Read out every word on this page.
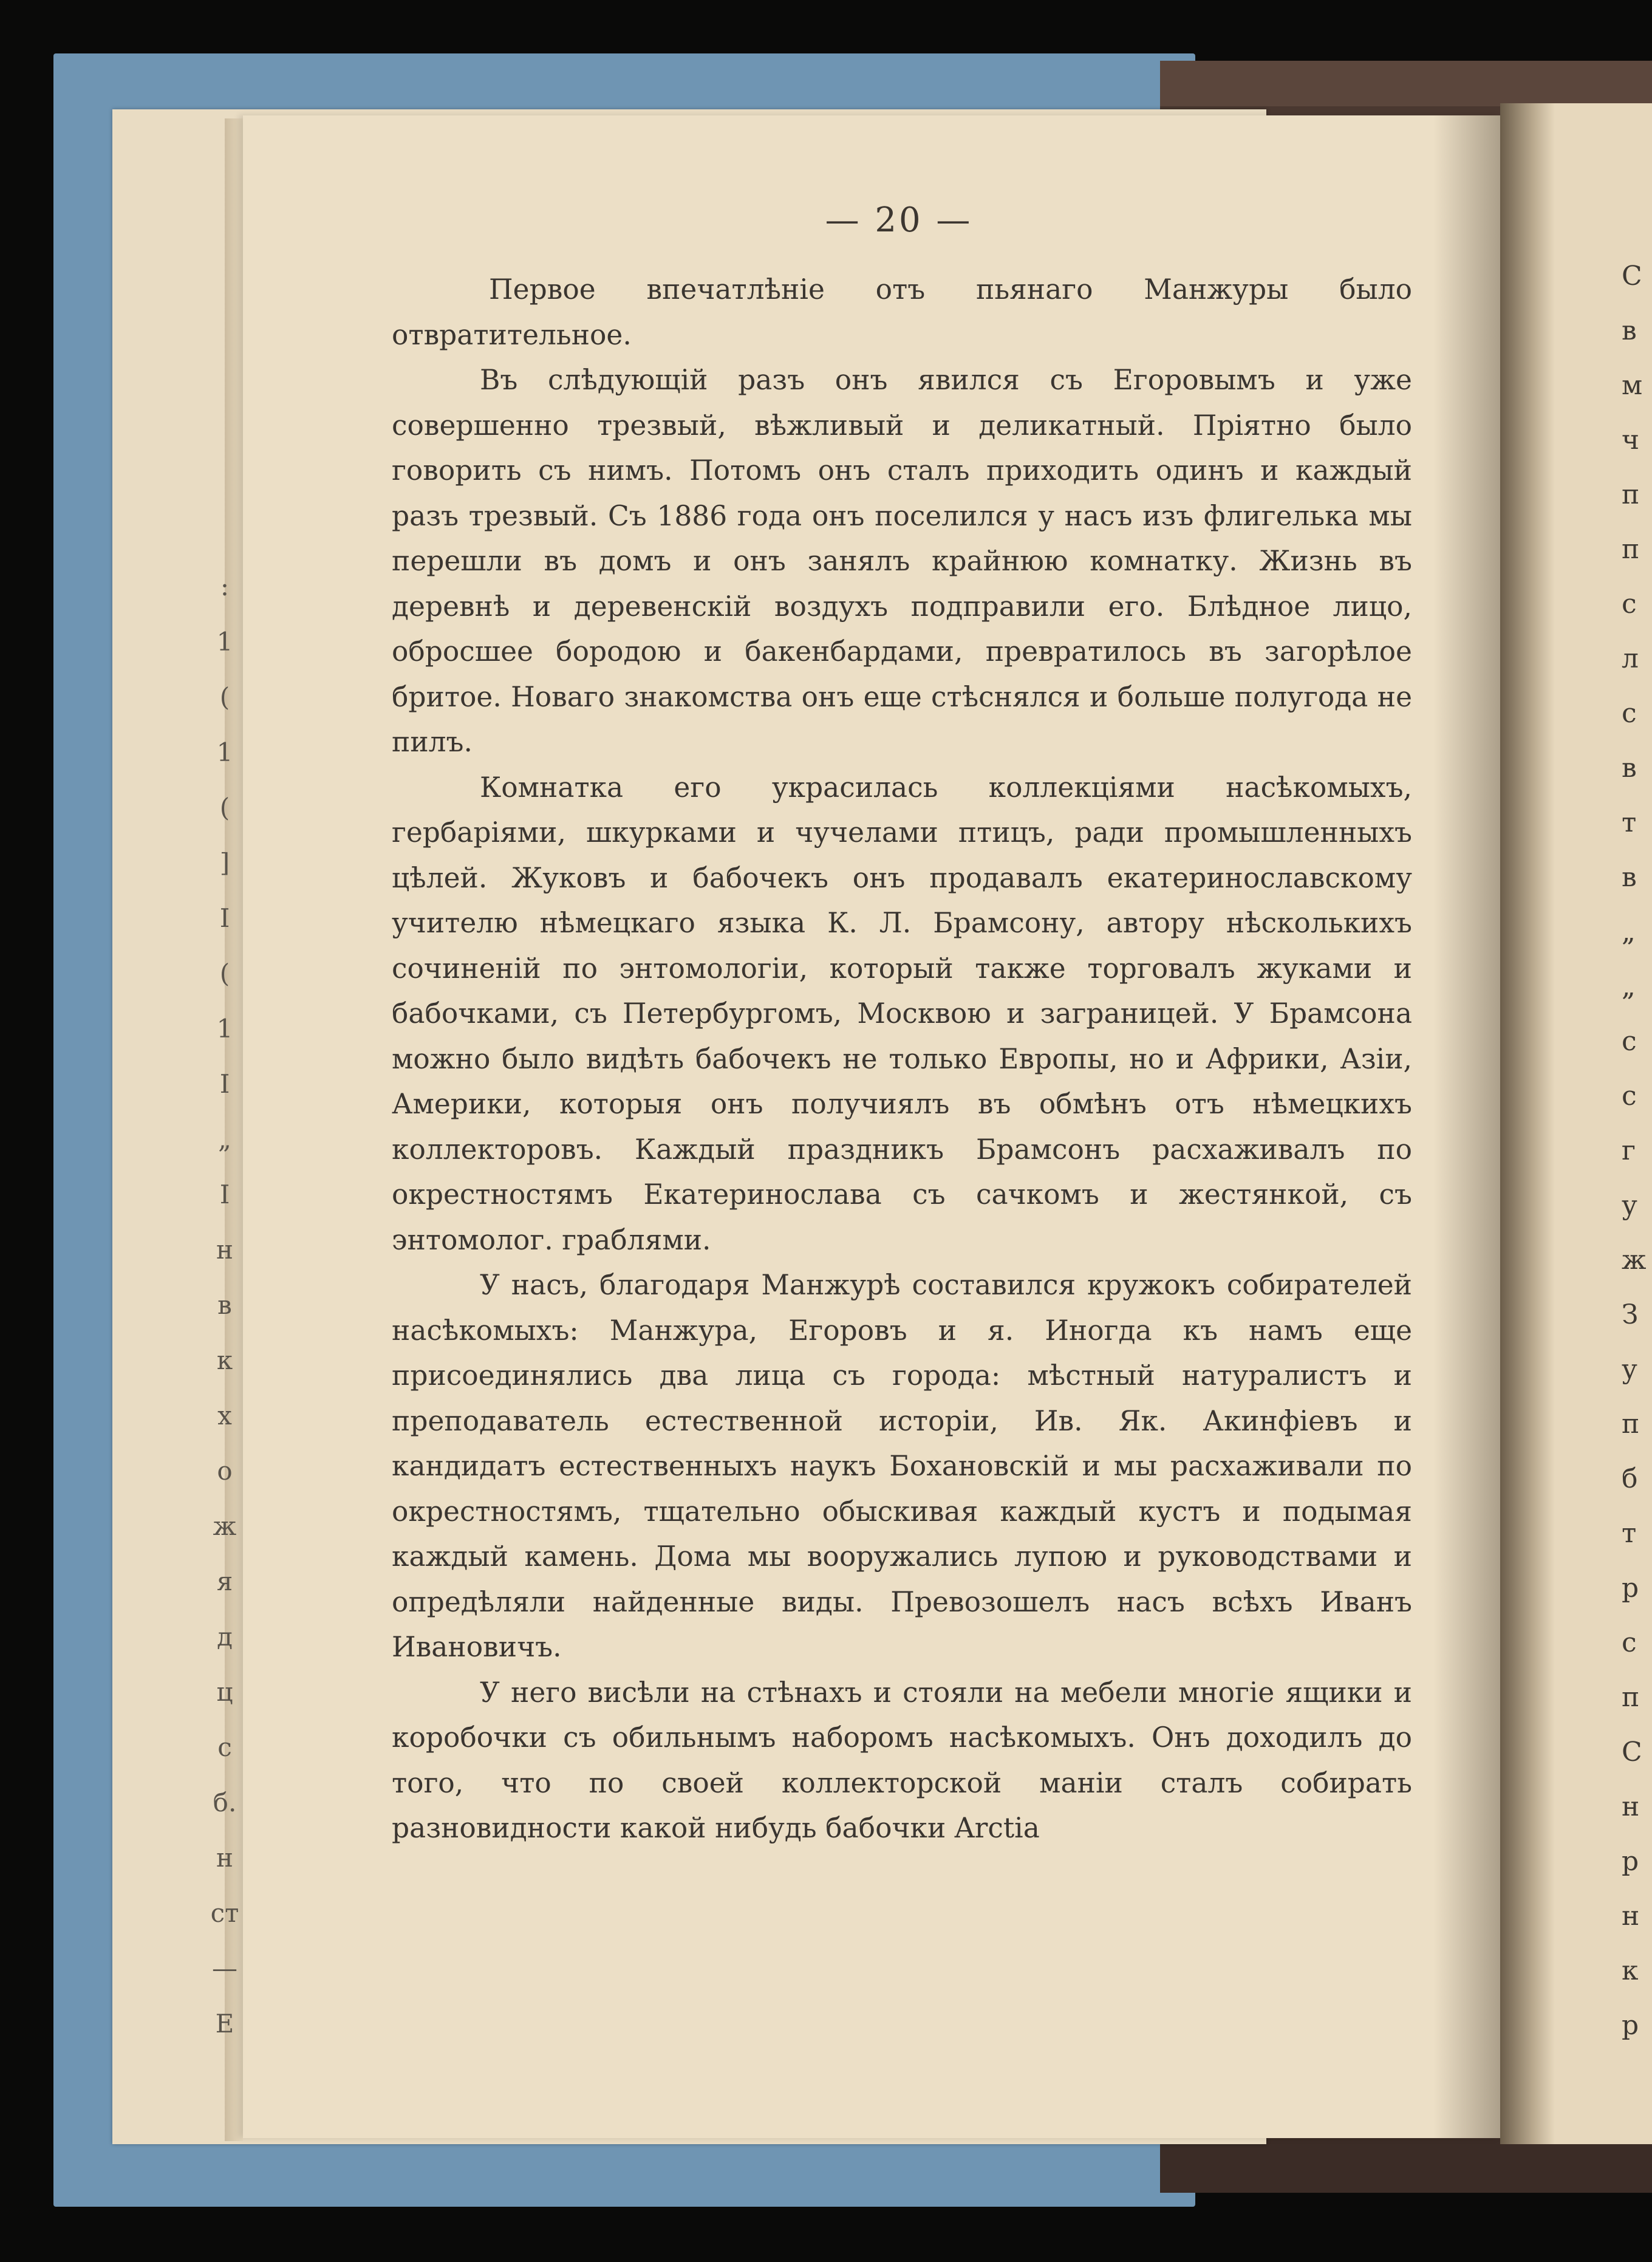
:
1
(
1
(
]
I
(
1
I
„
I
н
в
к
х
о
ж
я
д
ц
с
б.
н
ст
—
Е
С
в
м
ч
п
п
с
л
с
в
т
в
„
„
с
с
г
у
ж
З
у
п
б
т
р
с
п
С
н
р
н
к
р
— 20 —

Первое впечатлѣніе отъ пьянаго Манжуры было отвратительное.

Въ слѣдующій разъ онъ явился съ Егоровымъ и уже совершенно трезвый, вѣжливый и деликатный. Пріятно было говорить съ нимъ. Потомъ онъ сталъ приходить одинъ и каждый разъ трезвый. Съ 1886 года онъ поселился у насъ изъ флигелька мы перешли въ домъ и онъ занялъ крайнюю комнатку. Жизнь въ деревнѣ и деревенскій воздухъ подправили его. Блѣдное лицо, обросшее бородою и бакенбардами, превратилось въ загорѣлое бритое. Новаго знакомства онъ еще стѣснялся и больше полугода не пилъ.

Комнатка его украсилась коллекціями насѣкомыхъ, гербаріями, шкурками и чучелами птицъ, ради промышленныхъ цѣлей. Жуковъ и бабочекъ онъ продавалъ екатеринославскому учителю нѣмецкаго языка К. Л. Брамсону, автору нѣсколькихъ сочиненій по энтомологіи, который также торговалъ жуками и бабочками, съ Петербургомъ, Москвою и заграницей. У Брамсона можно было видѣть бабочекъ не только Европы, но и Африки, Азіи, Америки, которыя онъ получиялъ въ обмѣнъ отъ нѣмецкихъ коллекторовъ. Каждый праздникъ Брамсонъ расхаживалъ по окрестностямъ Екатеринослава съ сачкомъ и жестянкой, съ энтомолог. граблями.

У насъ, благодаря Манжурѣ составился кружокъ собирателей насѣкомыхъ: Манжура, Егоровъ и я. Иногда къ намъ еще присоединялись два лица съ города: мѣстный натуралистъ и преподаватель естественной исторіи, Ив. Як. Акинфіевъ и кандидатъ естественныхъ наукъ Бохановскій и мы расхаживали по окрестностямъ, тщательно обыскивая каждый кустъ и подымая каждый камень. Дома мы вооружались лупою и руководствами и опредѣляли найденные виды. Превозошелъ насъ всѣхъ Иванъ Ивановичъ.

У него висѣли на стѣнахъ и стояли на мебели многіе ящики и коробочки съ обильнымъ наборомъ насѣкомыхъ. Онъ доходилъ до того, что по своей коллекторской маніи сталъ собирать разновидности какой нибудь бабочки Arctia
